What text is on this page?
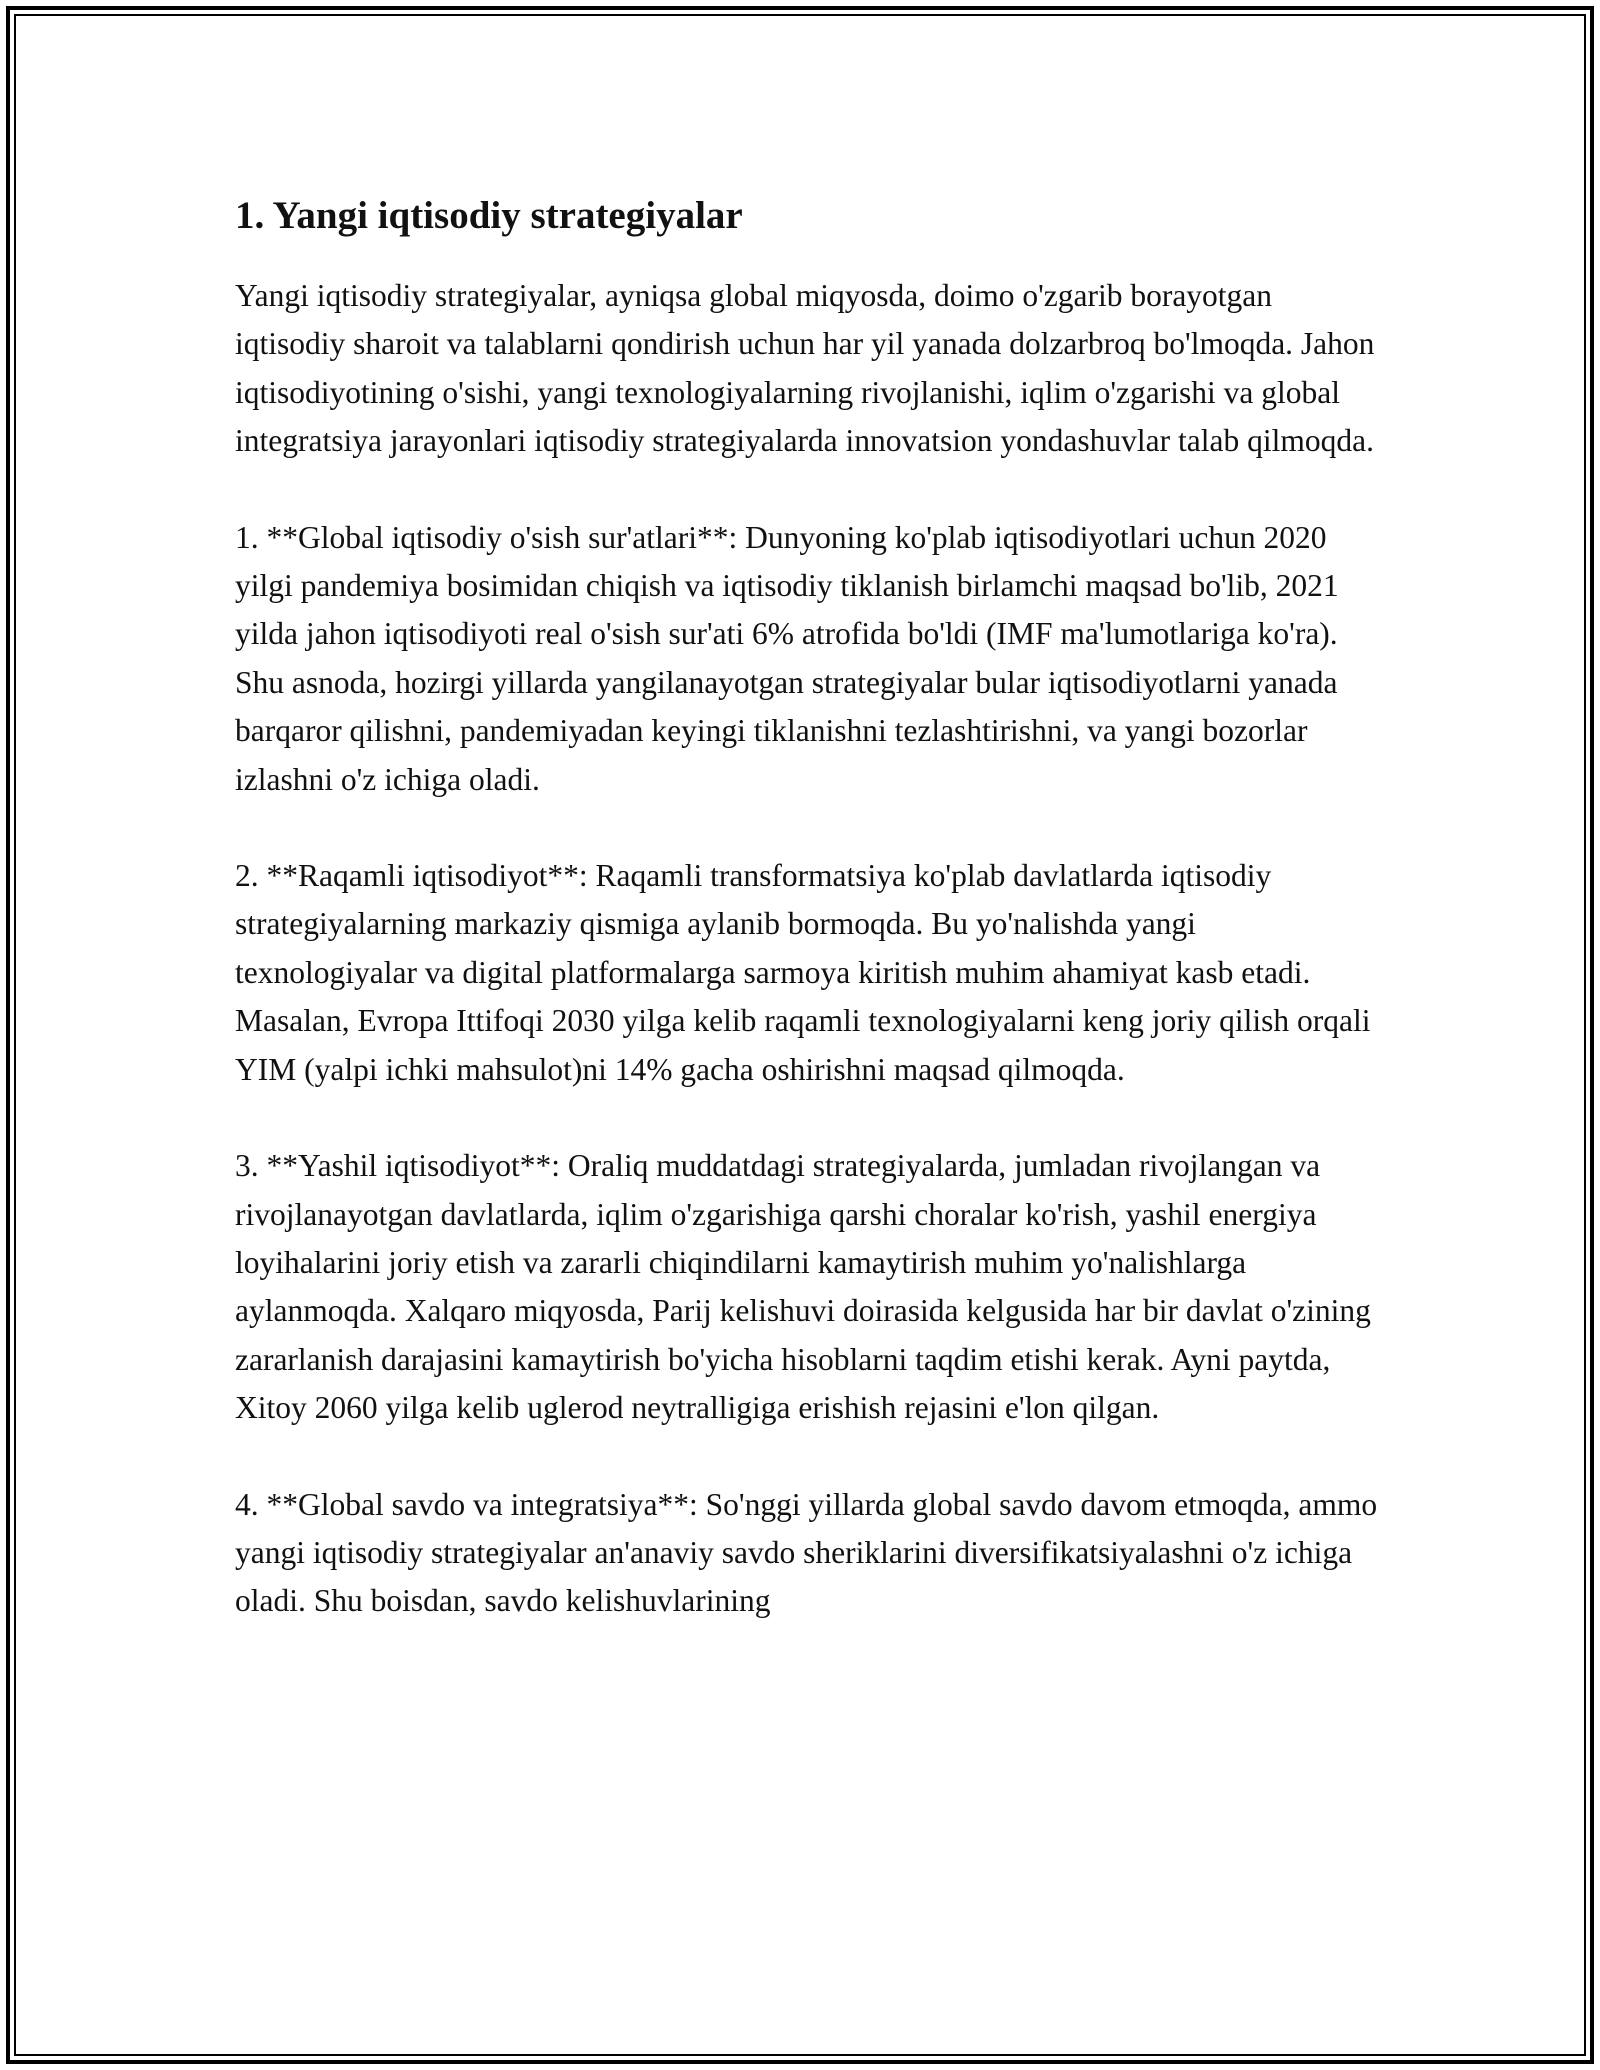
1. Yangi iqtisodiy strategiyalar

Yangi iqtisodiy strategiyalar, ayniqsa global miqyosda, doimo o'zgarib borayotgan iqtisodiy sharoit va talablarni qondirish uchun har yil yanada dolzarbroq bo'lmoqda. Jahon iqtisodiyotining o'sishi, yangi texnologiyalarning rivojlanishi, iqlim o'zgarishi va global integratsiya jarayonlari iqtisodiy strategiyalarda innovatsion yondashuvlar talab qilmoqda.

1. **Global iqtisodiy o'sish sur'atlari**: Dunyoning ko'plab iqtisodiyotlari uchun 2020 yilgi pandemiya bosimidan chiqish va iqtisodiy tiklanish birlamchi maqsad bo'lib, 2021 yilda jahon iqtisodiyoti real o'sish sur'ati 6% atrofida bo'ldi (IMF ma'lumotlariga ko'ra). Shu asnoda, hozirgi yillarda yangilanayotgan strategiyalar bular iqtisodiyotlarni yanada barqaror qilishni, pandemiyadan keyingi tiklanishni tezlashtirishni, va yangi bozorlar izlashni o'z ichiga oladi.

2. **Raqamli iqtisodiyot**: Raqamli transformatsiya ko'plab davlatlarda iqtisodiy strategiyalarning markaziy qismiga aylanib bormoqda. Bu yo'nalishda yangi texnologiyalar va digital platformalarga sarmoya kiritish muhim ahamiyat kasb etadi. Masalan, Evropa Ittifoqi 2030 yilga kelib raqamli texnologiyalarni keng joriy qilish orqali YIM (yalpi ichki mahsulot)ni 14% gacha oshirishni maqsad qilmoqda.

3. **Yashil iqtisodiyot**: Oraliq muddatdagi strategiyalarda, jumladan rivojlangan va rivojlanayotgan davlatlarda, iqlim o'zgarishiga qarshi choralar ko'rish, yashil energiya loyihalarini joriy etish va zararli chiqindilarni kamaytirish muhim yo'nalishlarga aylanmoqda. Xalqaro miqyosda, Parij kelishuvi doirasida kelgusida har bir davlat o'zining zararlanish darajasini kamaytirish bo'yicha hisoblarni taqdim etishi kerak. Ayni paytda, Xitoy 2060 yilga kelib uglerod neytralligiga erishish rejasini e'lon qilgan.

4. **Global savdo va integratsiya**: So'nggi yillarda global savdo davom etmoqda, ammo yangi iqtisodiy strategiyalar an'anaviy savdo sheriklarini diversifikatsiyalashni o'z ichiga oladi. Shu boisdan, savdo kelishuvlarining
